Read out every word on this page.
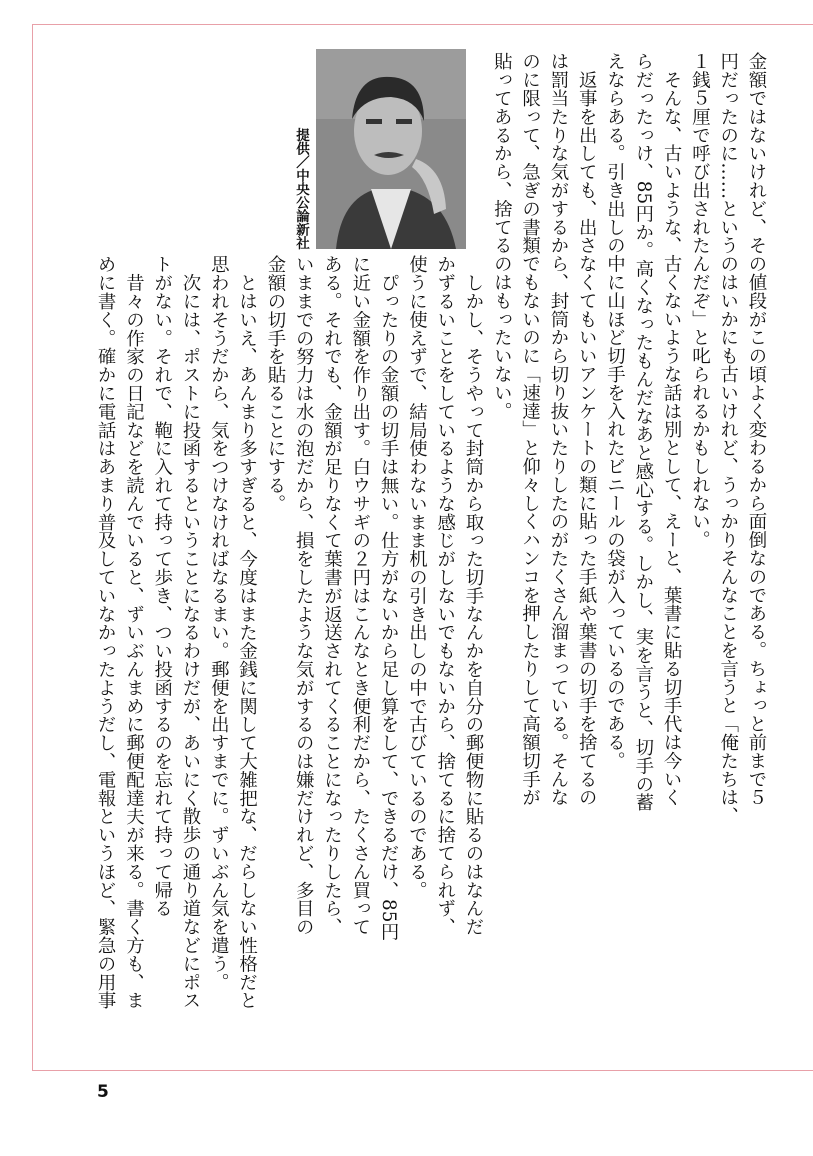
提供／中央公論新社	金額ではないけれど、その値段がこの頃よく変わるから面倒なのである。ちょっと前まで５
円だったのに……というのはいかにも古いけれど、うっかりそんなことを言うと「俺たちは、
１銭５厘で呼び出されたんだぞ」と叱られるかもしれない。
　そんな、古いような、古くないような話は別として、えーと、葉書に貼る切手代は今いく
らだったっけ、85円か。高くなったもんだなあと感心する。しかし、実を言うと、切手の蓄
えならある。引き出しの中に山ほど切手を入れたビニールの袋が入っているのである。
　返事を出しても、出さなくてもいいアンケートの類に貼った手紙や葉書の切手を捨てるの
は罰当たりな気がするから、封筒から切り抜いたりしたのがたくさん溜まっている。そんな
のに限って、急ぎの書類でもないのに「速達」と仰々しくハンコを押したりして高額切手が
貼ってあるから、捨てるのはもったいない。
　しかし、そうやって封筒から取った切手なんかを自分の郵便物に貼るのはなんだ
かずるいことをしているような感じがしないでもないから、捨てるに捨てられず、
使うに使えずで、結局使わないまま机の引き出しの中で古びているのである。
　ぴったりの金額の切手は無い。仕方がないから足し算をして、できるだけ、85円
に近い金額を作り出す。白ウサギの２円はこんなとき便利だから、たくさん買って
ある。それでも、金額が足りなくて葉書が返送されてくることになったりしたら、
いままでの努力は水の泡だから、損をしたような気がするのは嫌だけれど、多目の
金額の切手を貼ることにする。
　とはいえ、あんまり多すぎると、今度はまた金銭に関して大雑把な、だらしない性格だと
思われそうだから、気をつけなければなるまい。郵便を出すまでに。ずいぶん気を遣う。
　次には、ポストに投函するということになるわけだが、あいにく散歩の通り道などにポス
トがない。それで、鞄に入れて持って歩き、つい投函するのを忘れて持って帰る
　昔々の作家の日記などを読んでいると、ずいぶんまめに郵便配達夫が来る。書く方も、ま
めに書く。確かに電話はあまり普及していなかったようだし、電報というほど、緊急の用事
5
